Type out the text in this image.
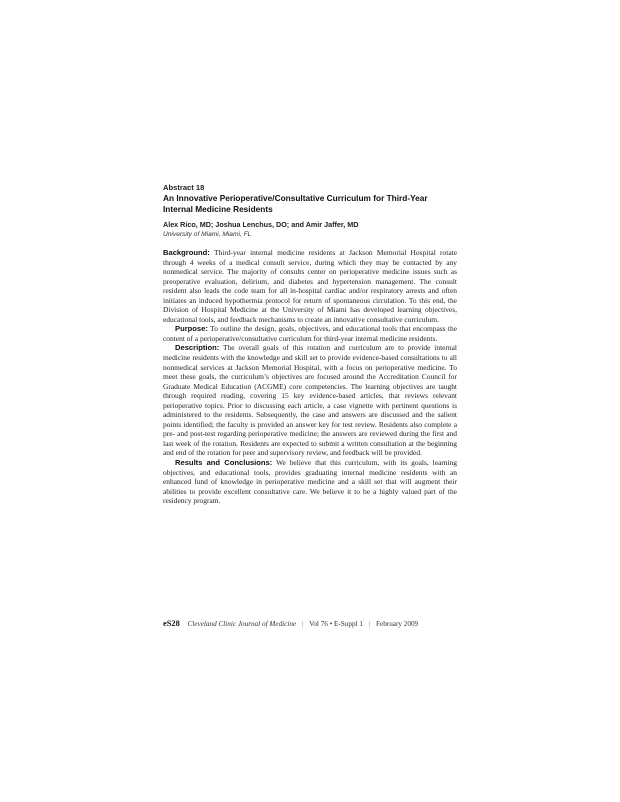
Abstract 18

An Innovative Perioperative/Consultative Curriculum for Third-Year Internal Medicine Residents

Alex Rico, MD; Joshua Lenchus, DO; and Amir Jaffer, MD

University of Miami, Miami, FL

Background: Third-year internal medicine residents at Jackson Memorial Hospital rotate through 4 weeks of a medical consult service, during which they may be contacted by any nonmedical service. The majority of consults center on perioperative medicine issues such as preoperative evaluation, delirium, and diabetes and hypertension management. The consult resident also leads the code team for all in-hospital cardiac and/or respiratory arrests and often initiates an induced hypothermia protocol for return of spontaneous circulation. To this end, the Division of Hospital Medicine at the University of Miami has developed learning objectives, educational tools, and feedback mechanisms to create an innovative consultative curriculum.

Purpose: To outline the design, goals, objectives, and educational tools that encompass the content of a perioperative/consultative curriculum for third-year internal medicine residents.

Description: The overall goals of this rotation and curriculum are to provide internal medicine residents with the knowledge and skill set to provide evidence-based consultations to all nonmedical services at Jackson Memorial Hospital, with a focus on perioperative medicine. To meet these goals, the curriculum’s objectives are focused around the Accreditation Council for Graduate Medical Education (ACGME) core competencies. The learning objectives are taught through required reading, covering 15 key evidence-based articles, that reviews relevant perioperative topics. Prior to discussing each article, a case vignette with pertinent questions is administered to the residents. Subsequently, the case and answers are discussed and the salient points identified; the faculty is provided an answer key for test review. Residents also complete a pre- and post-test regarding perioperative medicine; the answers are reviewed during the first and last week of the rotation. Residents are expected to submit a written consultation at the beginning and end of the rotation for peer and supervisory review, and feedback will be provided.

Results and Conclusions: We believe that this curriculum, with its goals, learning objectives, and educational tools, provides graduating internal medicine residents with an enhanced fund of knowledge in perioperative medicine and a skill set that will augment their abilities to provide excellent consultative care. We believe it to be a highly valued part of the residency program.

eS28 Cleveland Clinic Journal of Medicine | Vol 76 • E-Suppl 1 | February 2009
